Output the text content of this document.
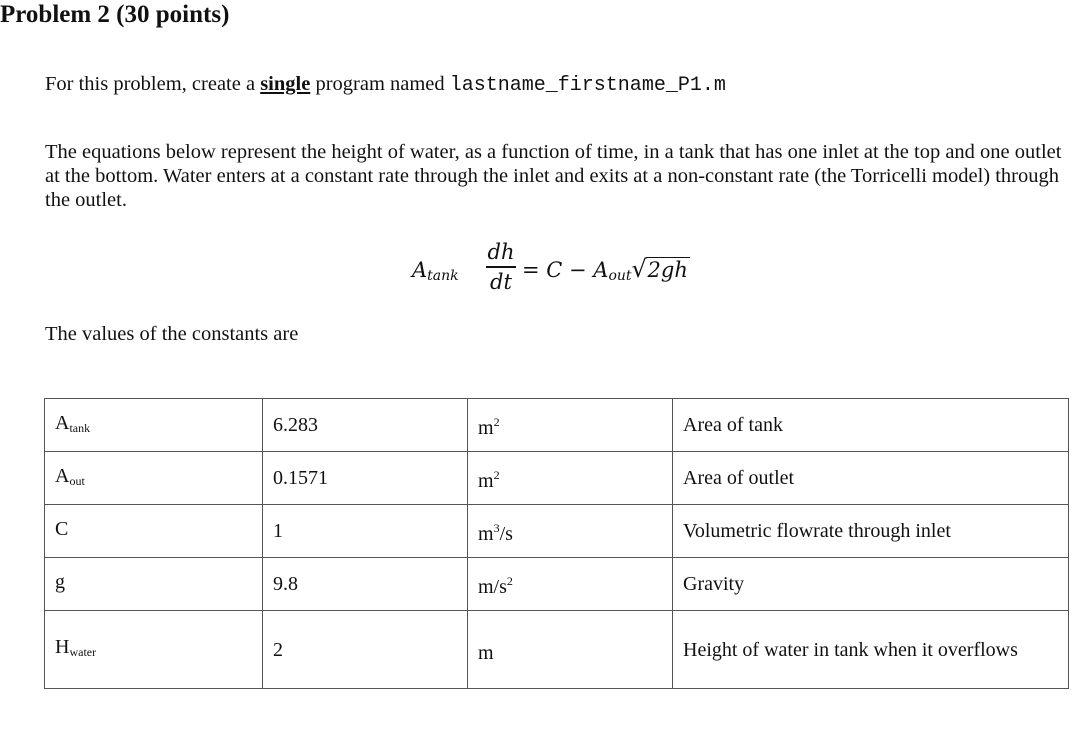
Problem 2 (30 points)

For this problem, create a single program named lastname_firstname_P1.m

The equations below represent the height of water, as a function of time, in a tank that has one inlet at the top and one outlet at the bottom. Water enters at a constant rate through the inlet and exits at a non-constant rate (the Torricelli model) through the outlet.

$A_{tank}$
dh
dt = $C - A_{out}$ √ 2gh

The values of the constants are

Atank	6.283	$m^2$	Area of tank
Aout	0.1571	$m^2$	Area of outlet
C	1	$m^3/s$	Volumetric flowrate through inlet
g	9.8	$m/s^2$	Gravity
Hwater	2	m	Height of water in tank when it overflows
